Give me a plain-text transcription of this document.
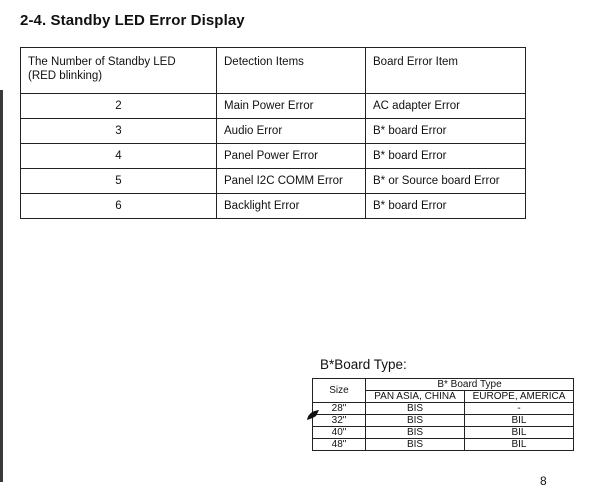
2-4. Standby LED Error Display
The Number of Standby LED
(RED blinking)	Detection Items	Board Error Item
2	Main Power Error	AC adapter Error
3	Audio Error	B* board Error
4	Panel Power Error	B* board Error
5	Panel I2C COMM Error	B* or Source board Error
6	Backlight Error	B* board Error
B*Board Type:
Size	B* Board Type	
	PAN ASIA, CHINA	EUROPE, AMERICA
28"	BIS	-
32"	BIS	BIL
40"	BIS	BIL
48"	BIS	BIL
8
